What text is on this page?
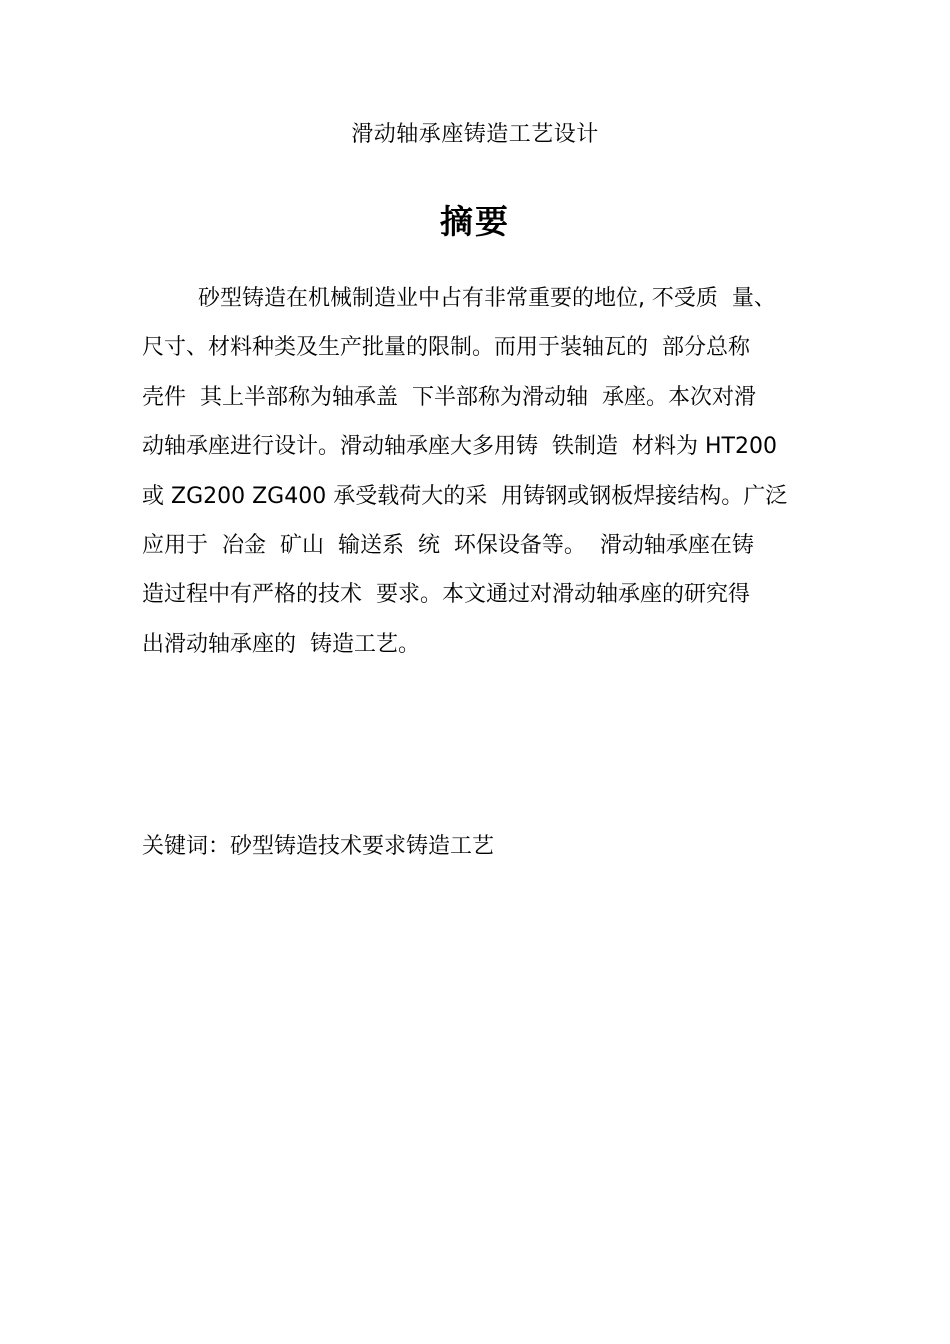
滑动轴承座铸造工艺设计
摘要
砂型铸造在机械制造业中占有非常重要的地位, 不受质  量、
尺寸、材料种类及生产批量的限制。而用于装轴瓦的  部分总称
壳件  其上半部称为轴承盖  下半部称为滑动轴  承座。本次对滑
动轴承座进行设计。滑动轴承座大多用铸  铁制造  材料为 HT200
或 ZG200 ZG400 承受载荷大的采  用铸钢或钢板焊接结构。广泛
应用于  冶金  矿山  输送系  统  环保设备等。  滑动轴承座在铸
造过程中有严格的技术  要求。本文通过对滑动轴承座的研究得
出滑动轴承座的  铸造工艺。
关键词：砂型铸造技术要求铸造工艺
